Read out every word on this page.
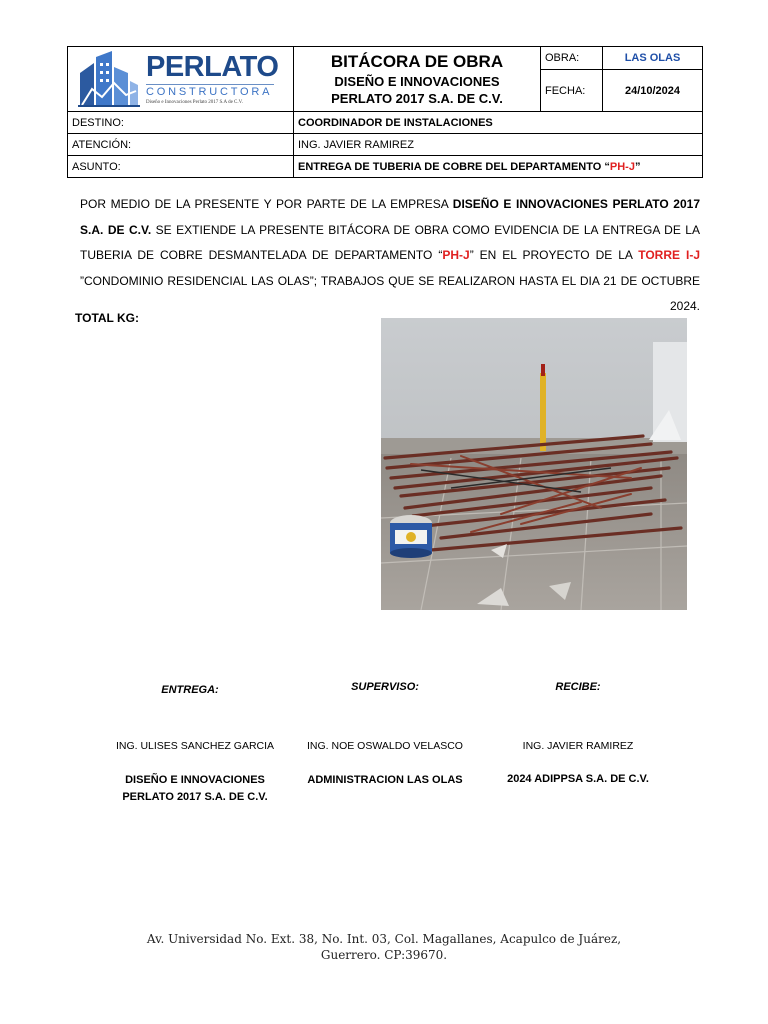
PERLATO
CONSTRUCTORA
Diseño e Innovaciones Perlato 2017 S.A de C.V.	BITÁCORA DE OBRA
DISEÑO E INNOVACIONES
PERLATO 2017 S.A. DE C.V.	OBRA:	LAS OLAS
		FECHA:	24/10/2024
DESTINO:	COORDINADOR DE INSTALACIONES		
ATENCIÓN:	ING. JAVIER RAMIREZ		
ASUNTO:	ENTREGA DE TUBERIA DE COBRE DEL DEPARTAMENTO “PH-J”		
POR MEDIO DE LA PRESENTE Y POR PARTE DE LA EMPRESA DISEÑO E INNOVACIONES PERLATO 2017 S.A. DE C.V. SE EXTIENDE LA PRESENTE BITÁCORA DE OBRA COMO EVIDENCIA DE LA ENTREGA DE LA TUBERIA DE COBRE DESMANTELADA DE DEPARTAMENTO “PH-J” EN EL PROYECTO DE LA TORRE I-J ”CONDOMINIO RESIDENCIAL LAS OLAS”; TRABAJOS QUE SE REALIZARON HASTA EL DIA 21 DE OCTUBRE 2024.
TOTAL KG:
ENTREGA:	SUPERVISO:	RECIBE:
ING. ULISES SANCHEZ GARCIA	ING. NOE OSWALDO VELASCO	ING. JAVIER RAMIREZ
DISEÑO E INNOVACIONES
PERLATO 2017 S.A. DE C.V.
ADMINISTRACION LAS OLAS	2024 ADIPPSA S.A. DE C.V.
Av. Universidad No. Ext. 38, No. Int. 03, Col. Magallanes, Acapulco de Juárez,
Guerrero. CP:39670.
